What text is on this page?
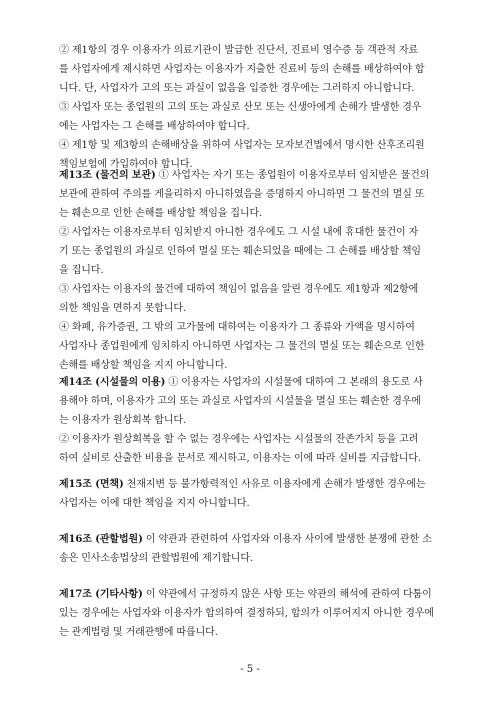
② 제1항의 경우 이용자가 의료기관이 발급한 진단서, 진료비 영수증 등 객관적 자료
를 사업자에게 제시하면 사업자는 이용자가 지출한 진료비 등의 손해를 배상하여야 합
니다. 단, 사업자가 고의 또는 과실이 없음을 입증한 경우에는 그러하지 아니합니다.
③ 사업자 또는 종업원의 고의 또는 과실로 산모 또는 신생아에게 손해가 발생한 경우
에는 사업자는 그 손해를 배상하여야 합니다.
④ 제1항 및 제3항의 손해배상을 위하여 사업자는 모자보건법에서 명시한 산후조리원
책임보험에 가입하여야 합니다.
제13조 (물건의 보관) ① 사업자는 자기 또는 종업원이 이용자로부터 임치받은 물건의
보관에 관하여 주의를 게을리하지 아니하였음을 증명하지 아니하면 그 물건의 멸실 또
는 훼손으로 인한 손해를 배상할 책임을 집니다.
② 사업자는 이용자로부터 임치받지 아니한 경우에도 그 시설 내에 휴대한 물건이 자
기 또는 종업원의 과실로 인하여 멸실 또는 훼손되었을 때에는 그 손해를 배상할 책임
을 집니다.
③ 사업자는 이용자의 물건에 대하여 책임이 없음을 알린 경우에도 제1항과 제2항에
의한 책임을 면하지 못합니다.
④ 화폐, 유가증권, 그 밖의 고가물에 대하여는 이용자가 그 종류와 가액을 명시하여
사업자나 종업원에게 임치하지 아니하면 사업자는 그 물건의 멸실 또는 훼손으로 인한
손해를 배상할 책임을 지지 아니합니다.
제14조 (시설물의 이용) ① 이용자는 사업자의 시설물에 대하여 그 본래의 용도로 사
용해야 하며, 이용자가 고의 또는 과실로 사업자의 시설물을 멸실 또는 훼손한 경우에
는 이용자가 원상회복 합니다.
② 이용자가 원상회복을 할 수 없는 경우에는 사업자는 시설물의 잔존가치 등을 고려
하여 실비로 산출한 비용을 문서로 제시하고, 이용자는 이에 따라 실비를 지급합니다.
제15조 (면책) 천재지변 등 불가항력적인 사유로 이용자에게 손해가 발생한 경우에는
사업자는 이에 대한 책임을 지지 아니합니다.
제16조 (관할법원) 이 약관과 관련하여 사업자와 이용자 사이에 발생한 분쟁에 관한 소
송은 민사소송법상의 관할법원에 제기합니다.
제17조 (기타사항) 이 약관에서 규정하지 않은 사항 또는 약관의 해석에 관하여 다툼이
있는 경우에는 사업자와 이용자가 합의하여 결정하되, 합의가 이루어지지 아니한 경우에
는 관계법령 및 거래관행에 따릅니다.
- 5 -
